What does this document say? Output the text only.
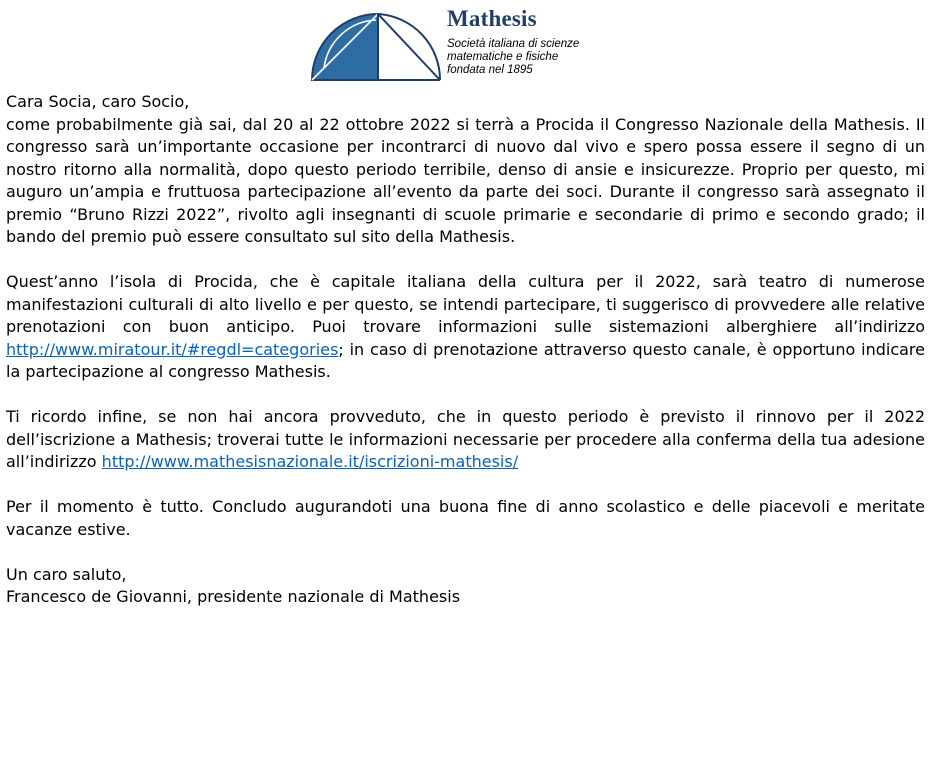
Mathesis
Società italiana di scienze
matematiche e fisiche
fondata nel 1895

Cara Socia, caro Socio,

come probabilmente già sai, dal 20 al 22 ottobre 2022 si terrà a Procida il Congresso Nazionale della Mathesis. Il congresso sarà un’importante occasione per incontrarci di nuovo dal vivo e spero possa essere il segno di un nostro ritorno alla normalità, dopo questo periodo terribile, denso di ansie e insicurezze. Proprio per questo, mi auguro un’ampia e fruttuosa partecipazione all’evento da parte dei soci. Durante il congresso sarà assegnato il premio “Bruno Rizzi 2022”, rivolto agli insegnanti di scuole primarie e secondarie di primo e secondo grado; il bando del premio può essere consultato sul sito della Mathesis.

Quest’anno l’isola di Procida, che è capitale italiana della cultura per il 2022, sarà teatro di numerose manifestazioni culturali di alto livello e per questo, se intendi partecipare, ti suggerisco di provvedere alle relative prenotazioni con buon anticipo. Puoi trovare informazioni sulle sistemazioni alberghiere all’indirizzo http://www.miratour.it/#regdl=categories; in caso di prenotazione attraverso questo canale, è opportuno indicare la partecipazione al congresso Mathesis.

Ti ricordo infine, se non hai ancora provveduto, che in questo periodo è previsto il rinnovo per il 2022 dell’iscrizione a Mathesis; troverai tutte le informazioni necessarie per procedere alla conferma della tua adesione all’indirizzo http://www.mathesisnazionale.it/iscrizioni-mathesis/

Per il momento è tutto. Concludo augurandoti una buona fine di anno scolastico e delle piacevoli e meritate vacanze estive.

Un caro saluto,

Francesco de Giovanni, presidente nazionale di Mathesis
